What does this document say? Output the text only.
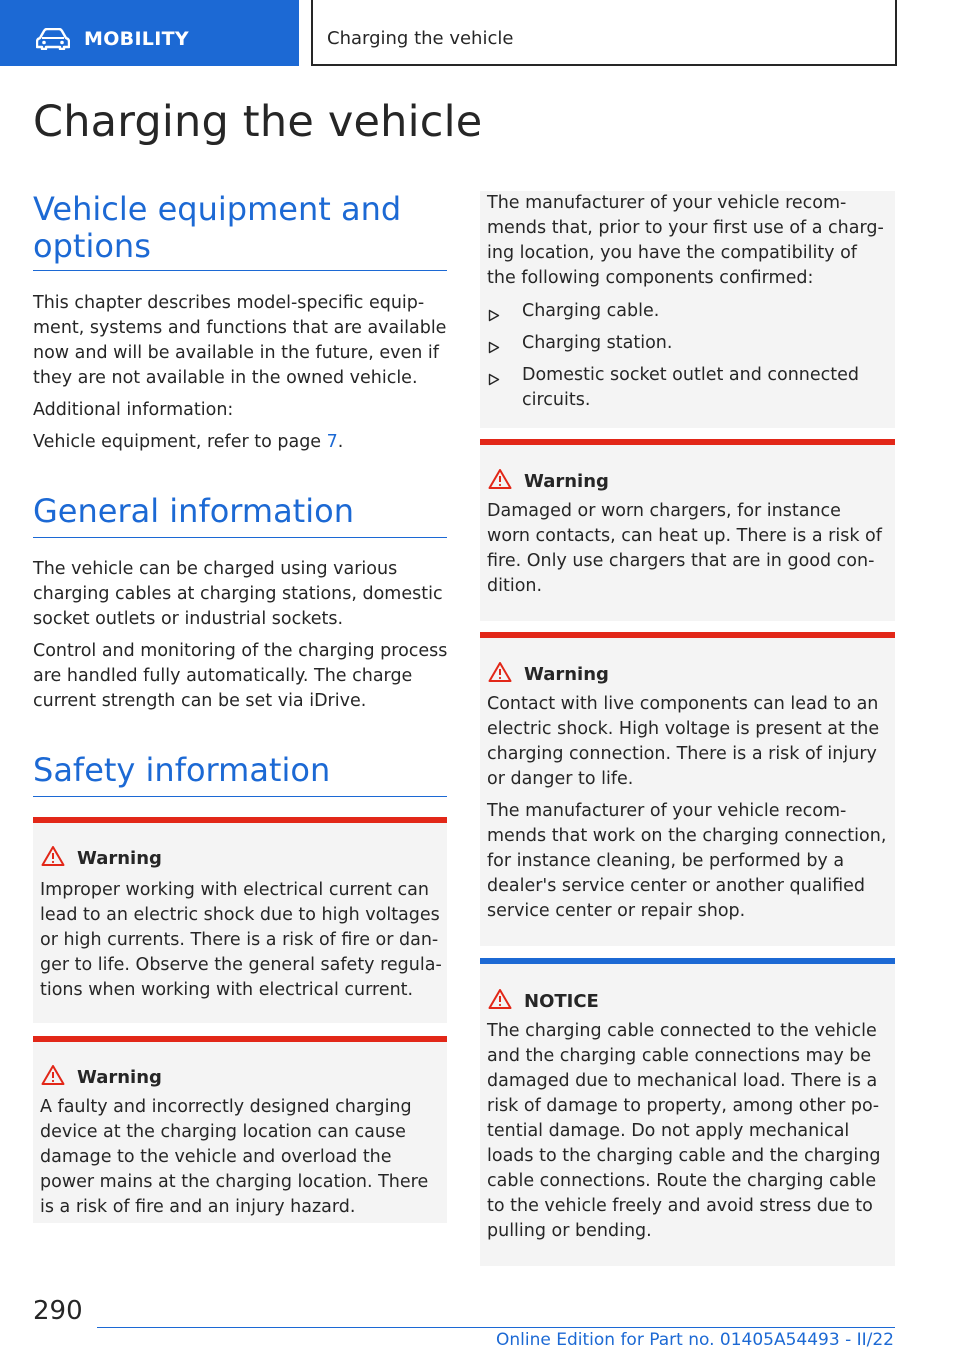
MOBILITY	Charging the vehicle
Charging the vehicle
Vehicle equipment and options

This chapter describes model-specific equip‐ment, systems and functions that are available now and will be available in the future, even if they are not available in the owned vehicle.

Additional information:

Vehicle equipment, refer to page 7.

General information

The vehicle can be charged using various charging cables at charging stations, domestic socket outlets or industrial sockets.

Control and monitoring of the charging process are handled fully automatically. The charge current strength can be set via iDrive.

Safety information
Warning

Improper working with electrical current can lead to an electric shock due to high voltages or high currents. There is a risk of fire or dan‐ger to life. Observe the general safety regula‐tions when working with electrical current.

Warning

A faulty and incorrectly designed charging device at the charging location can cause damage to the vehicle and overload the power mains at the charging location. There is a risk of fire and an injury hazard.

The manufacturer of your vehicle recom‐mends that, prior to your first use of a charg‐ing location, you have the compatibility of the following components confirmed:

Charging cable.
Charging station.
Domestic socket outlet and connected circuits.
Warning

Damaged or worn chargers, for instance worn contacts, can heat up. There is a risk of fire. Only use chargers that are in good con‐dition.

Warning

Contact with live components can lead to an electric shock. High voltage is present at the charging connection. There is a risk of injury or danger to life.

The manufacturer of your vehicle recom‐mends that work on the charging connection, for instance cleaning, be performed by a dealer's service center or another qualified service center or repair shop.

NOTICE

The charging cable connected to the vehicle and the charging cable connections may be damaged due to mechanical load. There is a risk of damage to property, among other po‐tential damage. Do not apply mechanical loads to the charging cable and the charging cable connections. Route the charging cable to the vehicle freely and avoid stress due to pulling or bending.

290
Online Edition for Part no. 01405A54493 - II/22
